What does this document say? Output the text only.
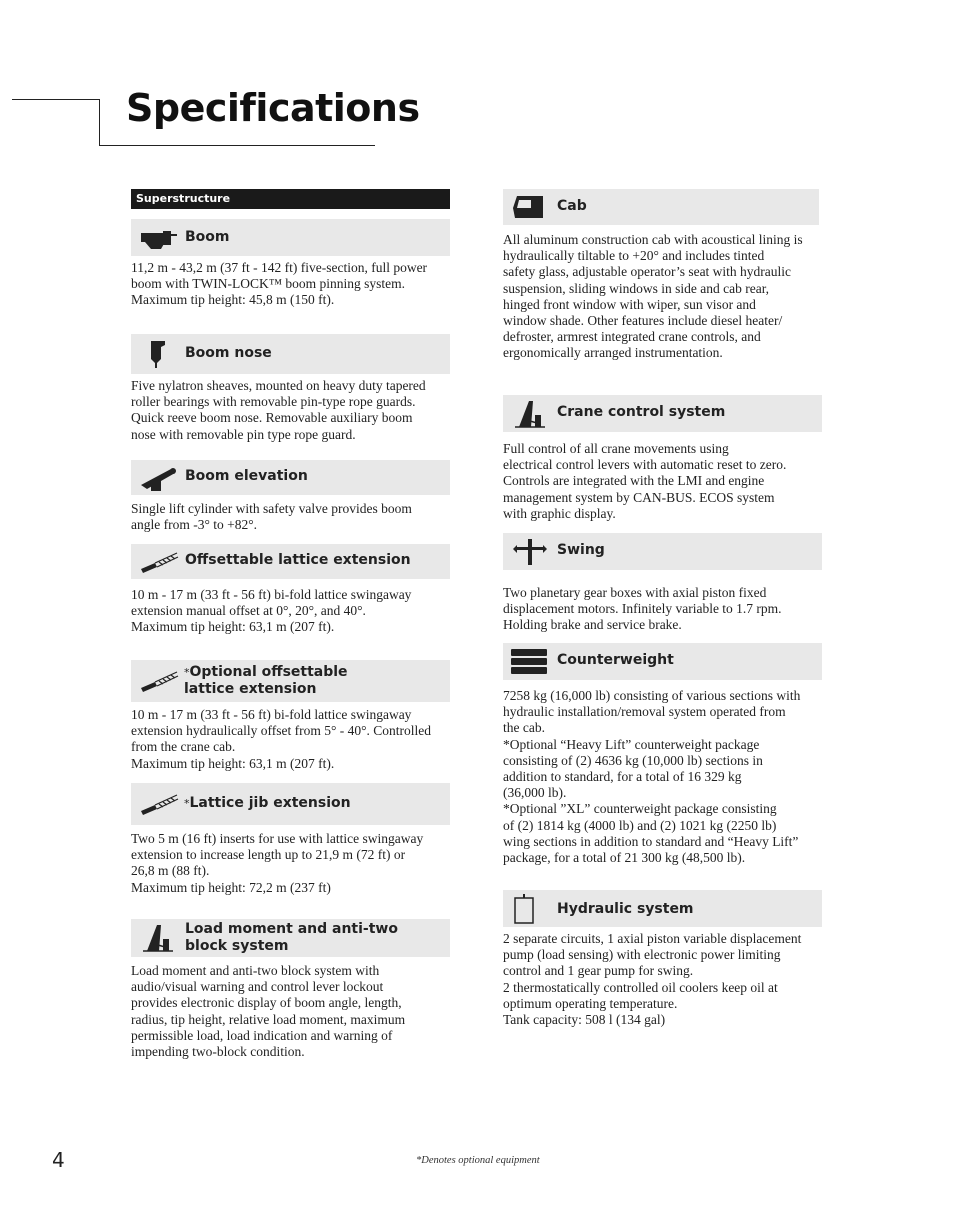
Specifications
Superstructure
Boom

11,2 m - 43,2 m (37 ft - 142 ft) five-section, full power
boom with TWIN-LOCK™ boom pinning system.
Maximum tip height: 45,8 m (150 ft).

Boom nose

Five nylatron sheaves, mounted on heavy duty tapered
roller bearings with removable pin-type rope guards.
Quick reeve boom nose. Removable auxiliary boom
nose with removable pin type rope guard.

Boom elevation

Single lift cylinder with safety valve provides boom
angle from -3° to +82°.

Offsettable lattice extension

10 m - 17 m (33 ft - 56 ft) bi-fold lattice swingaway
extension manual offset at 0°, 20°, and 40°.
Maximum tip height: 63,1 m (207 ft).

*Optional offsettable
lattice extension

10 m - 17 m (33 ft - 56 ft) bi-fold lattice swingaway
extension hydraulically offset from 5° - 40°. Controlled
from the crane cab.
Maximum tip height: 63,1 m (207 ft).

*Lattice jib extension

Two 5 m (16 ft) inserts for use with lattice swingaway
extension to increase length up to 21,9 m (72 ft) or
26,8 m (88 ft).
Maximum tip height: 72,2 m (237 ft)

Load moment and anti-two
block system

Load moment and anti-two block system with
audio/visual warning and control lever lockout
provides electronic display of boom angle, length,
radius, tip height, relative load moment, maximum
permissible load, load indication and warning of
impending two-block condition.

Cab

All aluminum construction cab with acoustical lining is
hydraulically tiltable to +20° and includes tinted
safety glass, adjustable operator’s seat with hydraulic
suspension, sliding windows in side and cab rear,
hinged front window with wiper, sun visor and
window shade. Other features include diesel heater/
defroster, armrest integrated crane controls, and
ergonomically arranged instrumentation.

Crane control system

Full control of all crane movements using
electrical control levers with automatic reset to zero.
Controls are integrated with the LMI and engine
management system by CAN-BUS. ECOS system
with graphic display.

Swing

Two planetary gear boxes with axial piston fixed
displacement motors. Infinitely variable to 1.7 rpm.
Holding brake and service brake.

Counterweight

7258 kg (16,000 lb) consisting of various sections with
hydraulic installation/removal system operated from
the cab.
*Optional “Heavy Lift” counterweight package
consisting of (2) 4636 kg (10,000 lb) sections in
addition to standard, for a total of 16 329 kg
(36,000 lb).
*Optional ”XL” counterweight package consisting
of (2) 1814 kg (4000 lb) and (2) 1021 kg (2250 lb)
wing sections in addition to standard and “Heavy Lift”
package, for a total of 21 300 kg (48,500 lb).

Hydraulic system

2 separate circuits, 1 axial piston variable displacement
pump (load sensing) with electronic power limiting
control and 1 gear pump for swing.
2 thermostatically controlled oil coolers keep oil at
optimum operating temperature.
Tank capacity: 508 l (134 gal)

4	*Denotes optional equipment
